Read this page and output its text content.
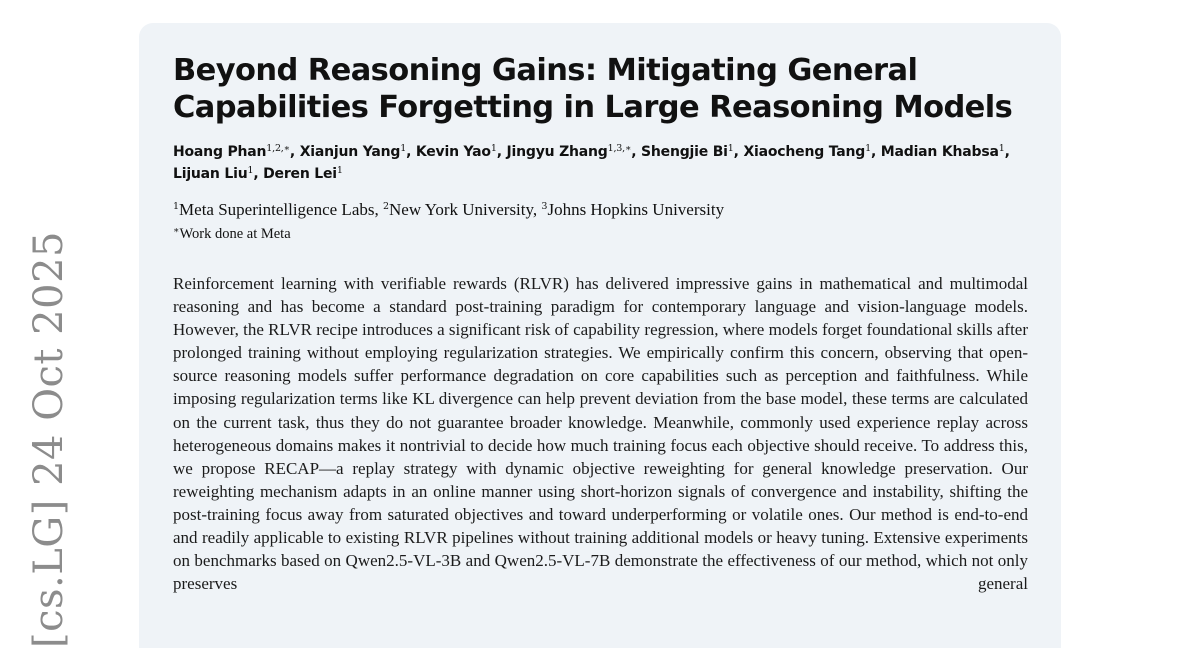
[cs.LG] 24 Oct 2025
Beyond Reasoning Gains: Mitigating General Capabilities Forgetting in Large Reasoning Models
Hoang Phan$^{1,2,∗}$, Xianjun Yang$^1$, Kevin Yao$^1$, Jingyu Zhang$^{1,3,∗}$, Shengjie Bi$^1$, Xiaocheng Tang$^1$, Madian Khabsa$^1$, Lijuan Liu$^1$, Deren Lei$^1$
$^1$Meta Superintelligence Labs, $^2$New York University, $^3$Johns Hopkins University
∗Work done at Meta

Reinforcement learning with verifiable rewards (RLVR) has delivered impressive gains in mathematical and multimodal reasoning and has become a standard post-training paradigm for contemporary language and vision-language models. However, the RLVR recipe introduces a significant risk of capability regression, where models forget foundational skills after prolonged training without employing regularization strategies. We empirically confirm this concern, observing that open-source reasoning models suffer performance degradation on core capabilities such as perception and faithfulness. While imposing regularization terms like KL divergence can help prevent deviation from the base model, these terms are calculated on the current task, thus they do not guarantee broader knowledge. Meanwhile, commonly used experience replay across heterogeneous domains makes it nontrivial to decide how much training focus each objective should receive. To address this, we propose RECAP—a replay strategy with dynamic objective reweighting for general knowledge preservation. Our reweighting mechanism adapts in an online manner using short-horizon signals of convergence and instability, shifting the post-training focus away from saturated objectives and toward underperforming or volatile ones. Our method is end-to-end and readily applicable to existing RLVR pipelines without training additional models or heavy tuning. Extensive experiments on benchmarks based on Qwen2.5-VL-3B and Qwen2.5-VL-7B demonstrate the effectiveness of our method, which not only preserves general
